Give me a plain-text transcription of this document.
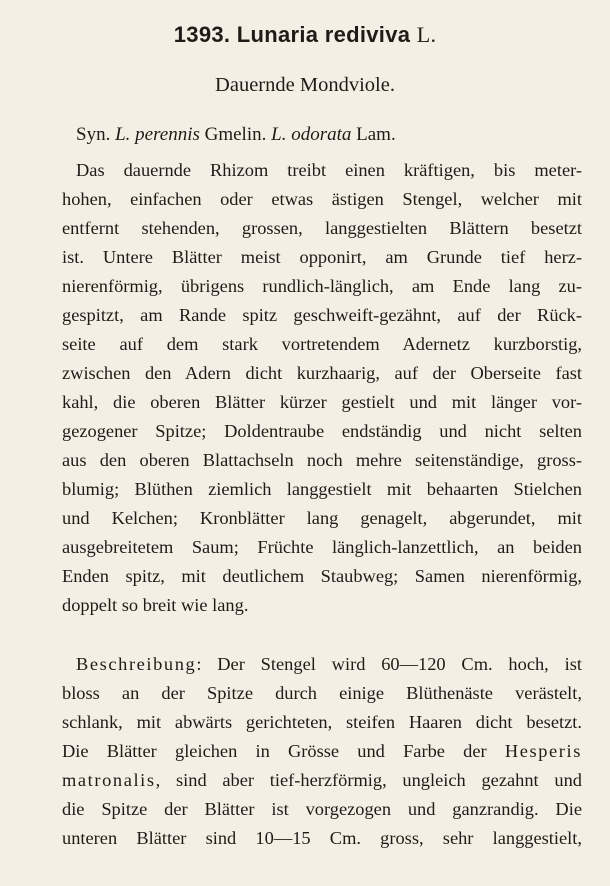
1393. Lunaria rediviva L.
Dauernde Mondviole.
Syn. L. perennis Gmelin. L. odorata Lam.
Das dauernde Rhizom treibt einen kräftigen, bis meter-
hohen, einfachen oder etwas ästigen Stengel, welcher mit
entfernt stehenden, grossen, langgestielten Blättern besetzt
ist. Untere Blätter meist opponirt, am Grunde tief herz-
nierenförmig, übrigens rundlich-länglich, am Ende lang zu-
gespitzt, am Rande spitz geschweift-gezähnt, auf der Rück-
seite auf dem stark vortretendem Adernetz kurzborstig,
zwischen den Adern dicht kurzhaarig, auf der Oberseite fast
kahl, die oberen Blätter kürzer gestielt und mit länger vor-
gezogener Spitze; Doldentraube endständig und nicht selten
aus den oberen Blattachseln noch mehre seitenständige, gross-
blumig; Blüthen ziemlich langgestielt mit behaarten Stielchen
und Kelchen; Kronblätter lang genagelt, abgerundet, mit
ausgebreitetem Saum; Früchte länglich-lanzettlich, an beiden
Enden spitz, mit deutlichem Staubweg; Samen nierenförmig,
doppelt so breit wie lang.
Beschreibung: Der Stengel wird 60—120 Cm. hoch, ist
bloss an der Spitze durch einige Blüthenäste verästelt,
schlank, mit abwärts gerichteten, steifen Haaren dicht besetzt.
Die Blätter gleichen in Grösse und Farbe der Hesperis
matronalis, sind aber tief-herzförmig, ungleich gezahnt und
die Spitze der Blätter ist vorgezogen und ganzrandig. Die
unteren Blätter sind 10—15 Cm. gross, sehr langgestielt,
